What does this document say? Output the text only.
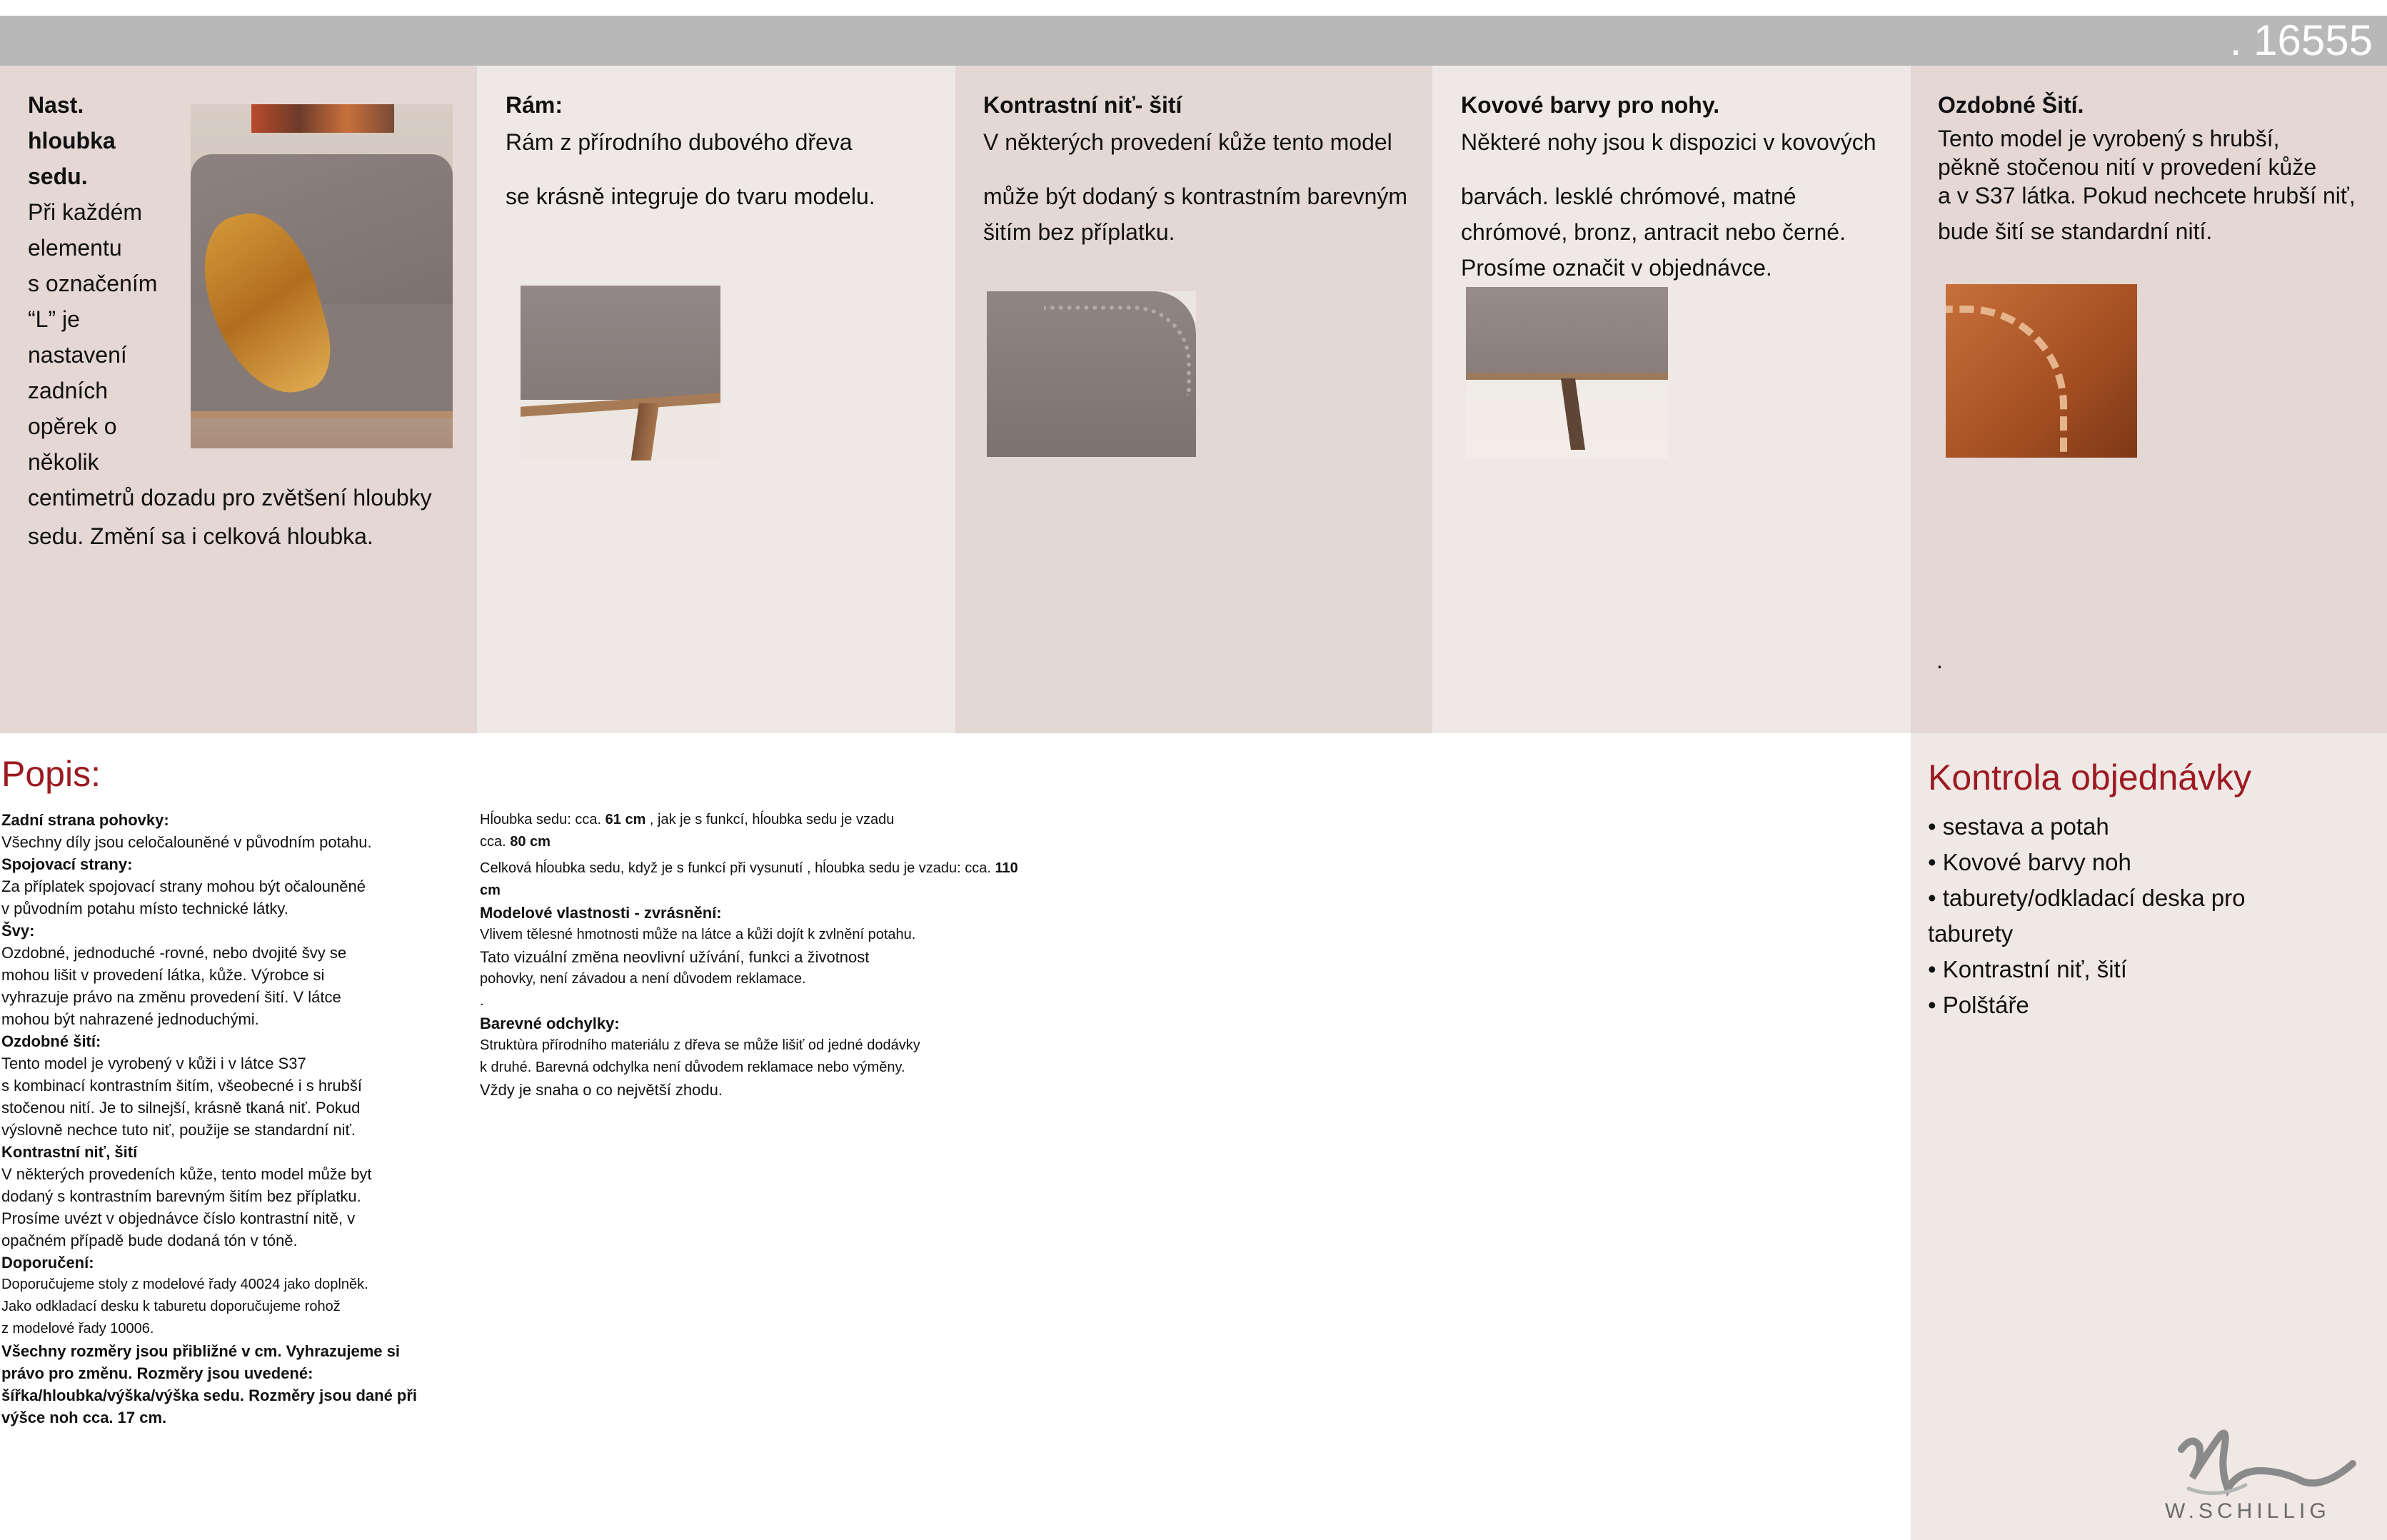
. 16555
Nast.
hloubka
sedu.
Při každém
elementu
s označením
“L” je
nastavení
zadních
opěrek o
několik
centimetrů dozadu pro zvětšení hloubky
sedu. Změní sa i celková hloubka.
Rám:
Rám z přírodního dubového dřeva
se krásně integruje do tvaru modelu.
Kontrastní niť- šití
V některých provedení kůže tento model
může být dodaný s kontrastním barevným
šitím bez příplatku.
Kovové barvy pro nohy.
Některé nohy jsou k dispozici v kovových
barvách. lesklé chrómové, matné
chrómové, bronz, antracit nebo černé.
Prosíme označit v objednávce.
Ozdobné Šití.
Tento model je vyrobený s hrubší,
pěkně stočenou nití v provedení kůže
a v S37 látka. Pokud nechcete hrubší niť,
bude šití se standardní nití.
.
Popis:
Zadní strana pohovky:
Všechny díly jsou celočalouněné v původním potahu.
Spojovací strany:
Za příplatek spojovací strany mohou být očalouněné
v původním potahu místo technické látky.
Švy:
Ozdobné, jednoduché -rovné, nebo dvojité švy se
mohou lišit v provedení látka, kůže. Výrobce si
vyhrazuje právo na změnu provedení šití. V látce
mohou být nahrazené jednoduchými.
Ozdobné šití:
Tento model je vyrobený v kůži i v látce S37
s kombinací kontrastním šitím, všeobecné i s hrubší
stočenou nití. Je to silnejší, krásně tkaná niť. Pokud
výslovně nechce tuto niť, použije se standardní niť.
Kontrastní niť, šití
V některých provedeních kůže, tento model může byt
dodaný s kontrastním barevným šitím bez příplatku.
Prosíme uvézt v objednávce číslo kontrastní nitě, v
opačném případě bude dodaná tón v tóně.
Doporučení:
Doporučujeme stoly z modelové řady 40024 jako doplněk.
Jako odkladací desku k taburetu doporučujeme rohož
z modelové řady 10006.
Všechny rozměry jsou přibližné v cm. Vyhrazujeme si
právo pro změnu. Rozměry jsou uvedené:
šířka/hloubka/výška/výška sedu. Rozměry jsou dané při
výšce noh cca. 17 cm.
Hĺoubka sedu: cca. 61 cm , jak je s funkcí, hĺoubka sedu je vzadu
cca. 80 cm
Celková hĺoubka sedu, když je s funkcí při vysunutí , hĺoubka sedu je vzadu: cca. 110
cm
Modelové vlastnosti - zvrásnění:
Vlivem tělesné hmotnosti může na látce a kůži dojít k zvlnění potahu.
Tato vizuální změna neovlivní užívání, funkci a životnost
pohovky, není závadou a není důvodem reklamace.
.
Barevné odchylky:
Struktùra přírodního materiálu z dřeva se může lišiť od jedné dodávky
k druhé. Barevná odchylka není důvodem reklamace nebo výměny.
Vždy je snaha o co největší zhodu.
Kontrola objednávky
• sestava a potah
• Kovové barvy noh
• taburety/odkladací deska pro
taburety
• Kontrastní niť, šití
• Polštáře
W.SCHILLIG
